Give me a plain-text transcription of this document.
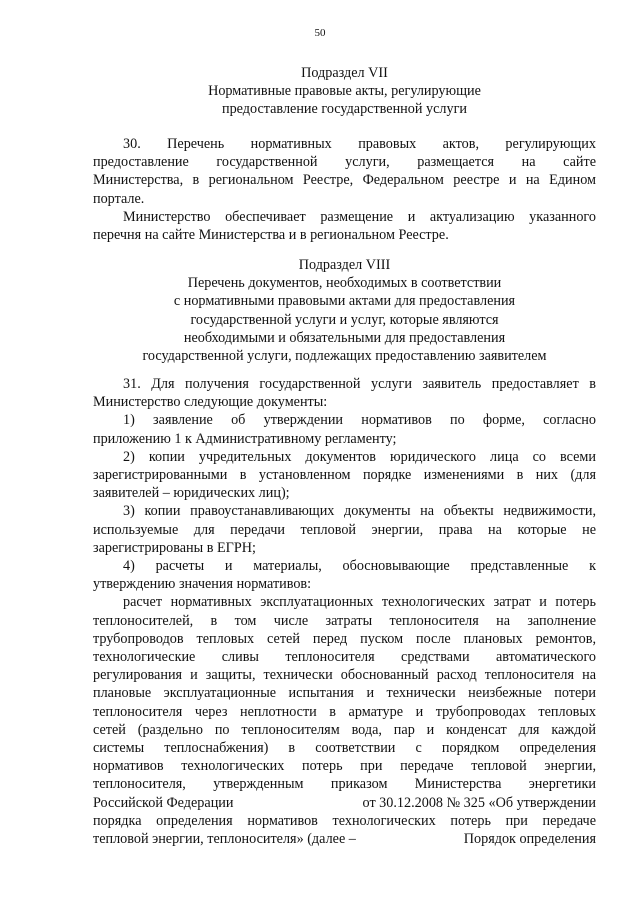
50
Подраздел VII
Нормативные правовые акты, регулирующие
предоставление государственной услуги
30. Перечень нормативных правовых актов, регулирующих
предоставление государственной услуги, размещается на сайте
Министерства, в региональном Реестре, Федеральном реестре и на Едином
портале.
Министерство обеспечивает размещение и актуализацию указанного
перечня на сайте Министерства и в региональном Реестре.
Подраздел VIII
Перечень документов, необходимых в соответствии
с нормативными правовыми актами для предоставления
государственной услуги и услуг, которые являются
необходимыми и обязательными для предоставления
государственной услуги, подлежащих предоставлению заявителем
31. Для получения государственной услуги заявитель предоставляет в
Министерство следующие документы:
1) заявление об утверждении нормативов по форме, согласно
приложению 1 к Административному регламенту;
2) копии учредительных документов юридического лица со всеми
зарегистрированными в установленном порядке изменениями в них (для
заявителей – юридических лиц);
3) копии правоустанавливающих документы на объекты недвижимости,
используемые для передачи тепловой энергии, права на которые не
зарегистрированы в ЕГРН;
4) расчеты и материалы, обосновывающие представленные к
утверждению значения нормативов:
расчет нормативных эксплуатационных технологических затрат и потерь
теплоносителей, в том числе затраты теплоносителя на заполнение
трубопроводов тепловых сетей перед пуском после плановых ремонтов,
технологические сливы теплоносителя средствами автоматического
регулирования и защиты, технически обоснованный расход теплоносителя на
плановые эксплуатационные испытания и технически неизбежные потери
теплоносителя через неплотности в арматуре и трубопроводах тепловых
сетей (раздельно по теплоносителям вода, пар и конденсат для каждой
системы теплоснабжения) в соответствии с порядком определения
нормативов технологических потерь при передаче тепловой энергии,
теплоносителя, утвержденным приказом Министерства энергетики
Российской Федерации	от 30.12.2008 № 325 «Об утверждении
порядка определения нормативов технологических потерь при передаче
тепловой энергии, теплоносителя» (далее –	Порядок определения
